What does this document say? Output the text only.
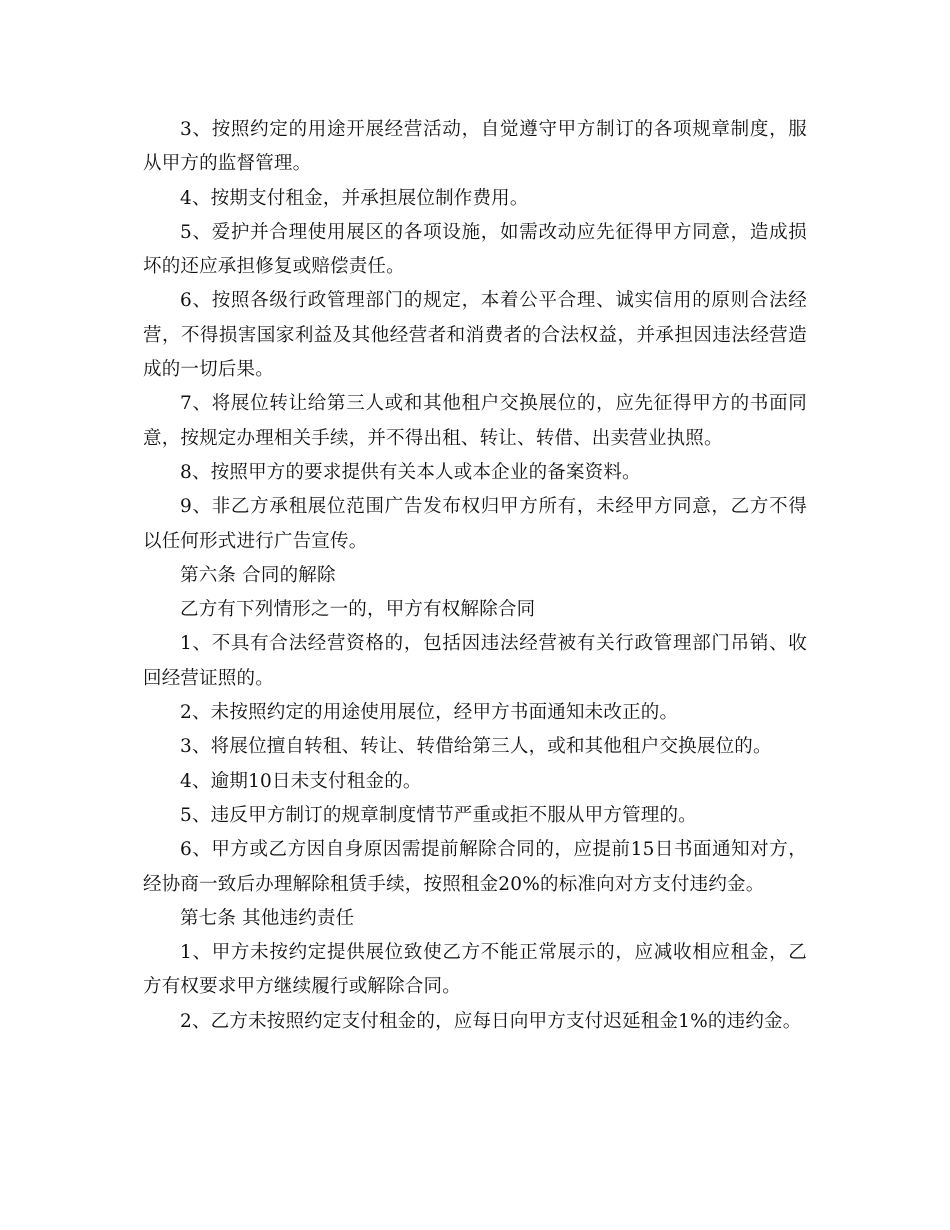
3、按照约定的用途开展经营活动，自觉遵守甲方制订的各项规章制度，服从甲方的监督管理。

4、按期支付租金，并承担展位制作费用。

5、爱护并合理使用展区的各项设施，如需改动应先征得甲方同意，造成损坏的还应承担修复或赔偿责任。

6、按照各级行政管理部门的规定，本着公平合理、诚实信用的原则合法经营，不得损害国家利益及其他经营者和消费者的合法权益，并承担因违法经营造成的一切后果。

7、将展位转让给第三人或和其他租户交换展位的，应先征得甲方的书面同意，按规定办理相关手续，并不得出租、转让、转借、出卖营业执照。

8、按照甲方的要求提供有关本人或本企业的备案资料。

9、非乙方承租展位范围广告发布权归甲方所有，未经甲方同意，乙方不得以任何形式进行广告宣传。

第六条 合同的解除

乙方有下列情形之一的，甲方有权解除合同

1、不具有合法经营资格的，包括因违法经营被有关行政管理部门吊销、收回经营证照的。

2、未按照约定的用途使用展位，经甲方书面通知未改正的。

3、将展位擅自转租、转让、转借给第三人，或和其他租户交换展位的。

4、逾期10日未支付租金的。

5、违反甲方制订的规章制度情节严重或拒不服从甲方管理的。

6、甲方或乙方因自身原因需提前解除合同的，应提前15日书面通知对方，经协商一致后办理解除租赁手续，按照租金20%的标准向对方支付违约金。

第七条 其他违约责任

1、甲方未按约定提供展位致使乙方不能正常展示的，应减收相应租金，乙方有权要求甲方继续履行或解除合同。

2、乙方未按照约定支付租金的，应每日向甲方支付迟延租金1%的违约金。
